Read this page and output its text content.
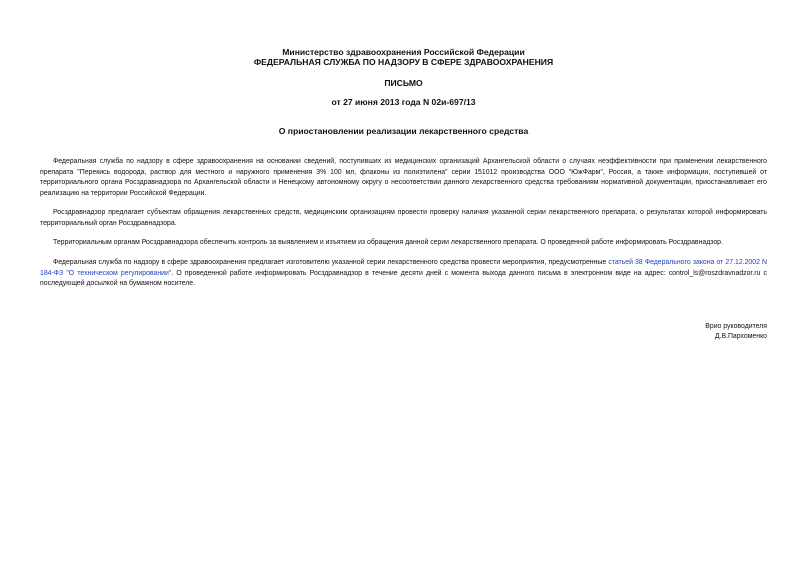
Министерство здравоохранения Российской Федерации
ФЕДЕРАЛЬНАЯ СЛУЖБА ПО НАДЗОРУ В СФЕРЕ ЗДРАВООХРАНЕНИЯ
ПИСЬМО
от 27 июня 2013 года N 02и-697/13
О приостановлении реализации лекарственного средства

Федеральная служба по надзору в сфере здравоохранения на основании сведений, поступивших из медицинских организаций Архангельской области о случаях неэффективности при применении лекарственного препарата "Перекись водорода, раствор для местного и наружного применения 3% 100 мл, флаконы из полиэтилена" серии 151012 производства ООО "ЮжФарм", Россия, а также информации, поступившей от территориального органа Росздравнадзора по Архангельской области и Ненецкому автономному округу о несоответствии данного лекарственного средства требованиям нормативной документации, приостанавливает его реализацию на территории Российской Федерации.

Росздравнадзор предлагает субъектам обращения лекарственных средств, медицинским организациям провести проверку наличия указанной серии лекарственного препарата, о результатах которой информировать территориальный орган Росздравнадзора.

Территориальным органам Росздравнадзора обеспечить контроль за выявлением и изъятием из обращения данной серии лекарственного препарата. О проведенной работе информировать Росздравнадзор.

Федеральная служба по надзору в сфере здравоохранения предлагает изготовителю указанной серии лекарственного средства провести мероприятия, предусмотренные статьей 38 Федерального закона от 27.12.2002 N 184-ФЗ "О техническом регулировании". О проведенной работе информировать Росздравнадзор в течение десяти дней с момента выхода данного письма в электронном виде на адрес: control_ls@roszdravnadzor.ru с последующей досылкой на бумажном носителе.

Врио руководителя
Д.В.Пархоменко
